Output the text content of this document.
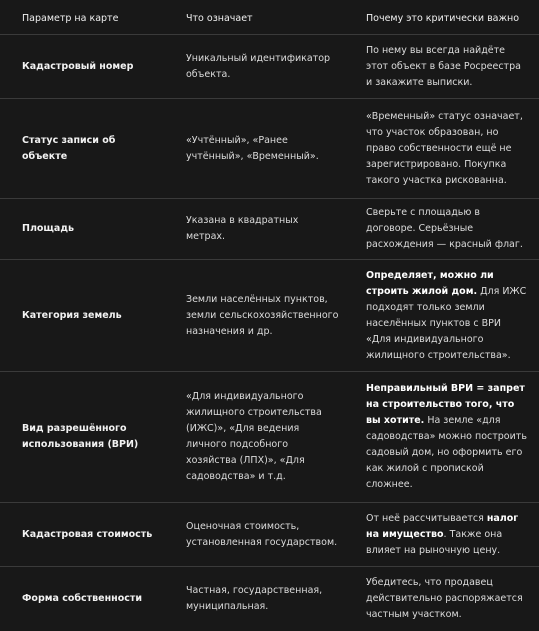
Параметр на карте	Что означает	Почему это критически важно
Кадастровый номер	Уникальный идентификатор объекта.	По нему вы всегда найдёте этот объект в базе Росреестра и закажите выписки.
Статус записи об объекте	«Учтённый», «Ранее учтённый», «Временный».	«Временный» статус означает, что участок образован, но право собственности ещё не зарегистрировано. Покупка такого участка рискованна.
Площадь	Указана в квадратных метрах.	Сверьте с площадью в договоре. Серьёзные расхождения — красный флаг.
Категория земель	Земли населённых пунктов, земли сельскохозяйственного назначения и др.	Определяет, можно ли строить жилой дом. Для ИЖС подходят только земли населённых пунктов с ВРИ «Для индивидуального жилищного строительства».
Вид разрешённого использования (ВРИ)	«Для индивидуального жилищного строительства (ИЖС)», «Для ведения личного подсобного хозяйства (ЛПХ)», «Для садоводства» и т.д.	Неправильный ВРИ = запрет на строительство того, что вы хотите. На земле «для садоводства» можно построить садовый дом, но оформить его как жилой с пропиской сложнее.
Кадастровая стоимость	Оценочная стоимость, установленная государством.	От неё рассчитывается налог на имущество. Также она влияет на рыночную цену.
Форма собственности	Частная, государственная, муниципальная.	Убедитесь, что продавец действительно распоряжается частным участком.
